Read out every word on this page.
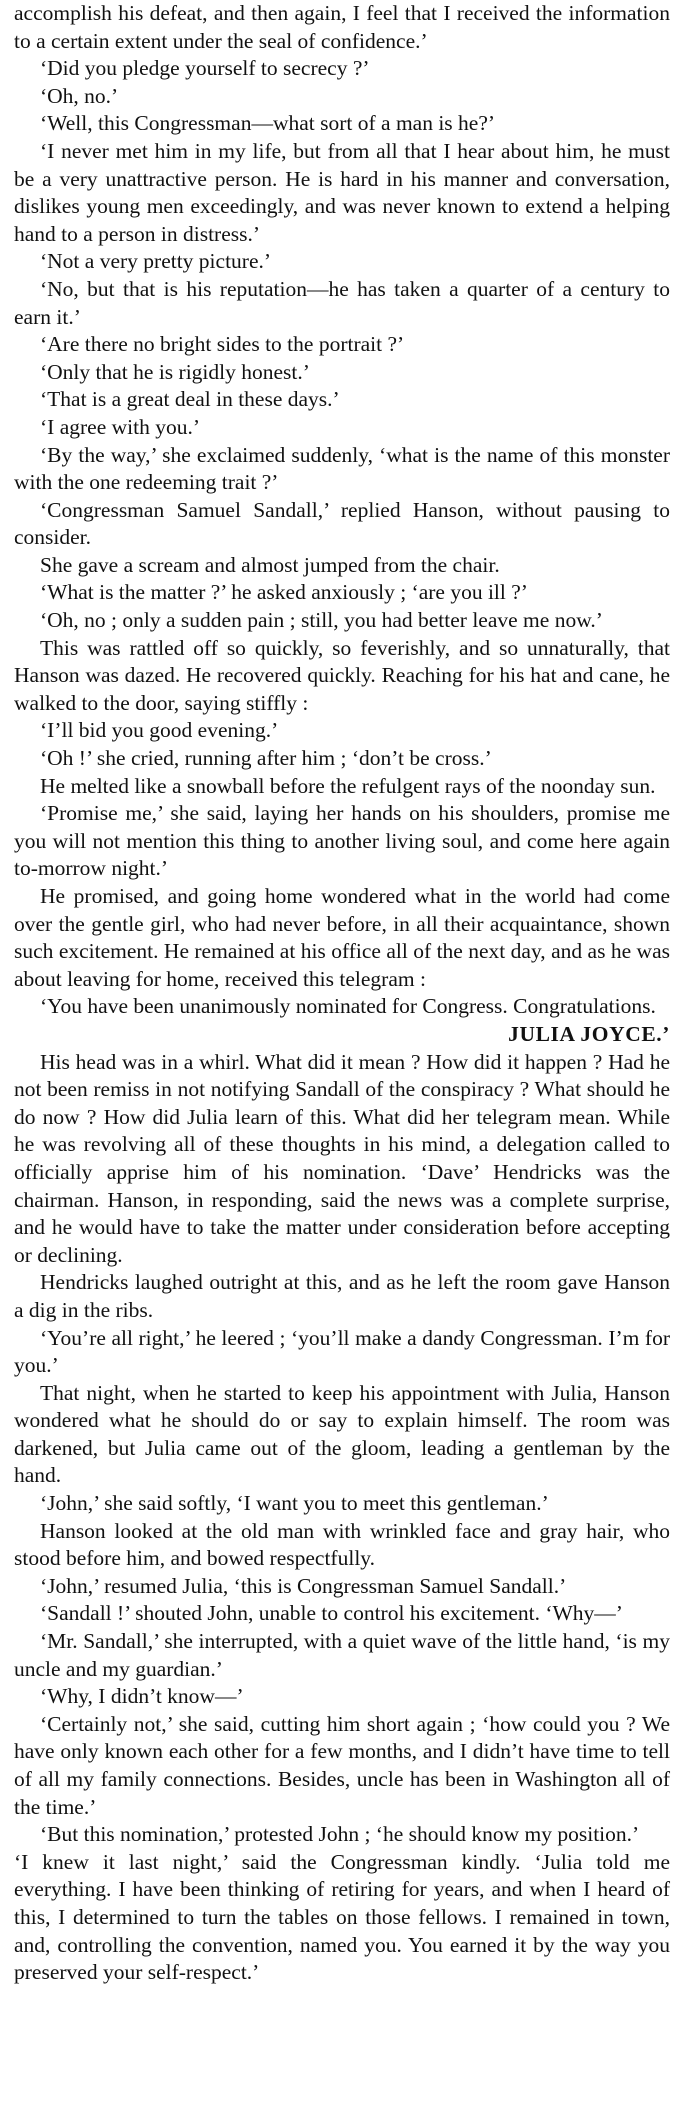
accomplish his defeat, and then again, I feel that I received the information to a certain extent under the seal of confidence.’

‘Did you pledge yourself to secrecy ?’

‘Oh, no.’

‘Well, this Congressman—what sort of a man is he?’

‘I never met him in my life, but from all that I hear about him, he must be a very unattractive person. He is hard in his manner and conversation, dislikes young men exceedingly, and was never known to extend a helping hand to a person in distress.’

‘Not a very pretty picture.’

‘No, but that is his reputation—he has taken a quarter of a century to earn it.’

‘Are there no bright sides to the portrait ?’

‘Only that he is rigidly honest.’

‘That is a great deal in these days.’

‘I agree with you.’

‘By the way,’ she exclaimed suddenly, ‘what is the name of this monster with the one redeeming trait ?’

‘Congressman Samuel Sandall,’ replied Hanson, without pausing to consider.

She gave a scream and almost jumped from the chair.

‘What is the matter ?’ he asked anxiously ; ‘are you ill ?’

‘Oh, no ; only a sudden pain ; still, you had better leave me now.’

This was rattled off so quickly, so feverishly, and so unnaturally, that Hanson was dazed. He recovered quickly. Reaching for his hat and cane, he walked to the door, saying stiffly :

‘I’ll bid you good evening.’

‘Oh !’ she cried, running after him ; ‘don’t be cross.’

He melted like a snowball before the refulgent rays of the noonday sun.

‘Promise me,’ she said, laying her hands on his shoulders, promise me you will not mention this thing to another living soul, and come here again to-morrow night.’

He promised, and going home wondered what in the world had come over the gentle girl, who had never before, in all their acquaintance, shown such excitement. He remained at his office all of the next day, and as he was about leaving for home, received this telegram :

‘You have been unanimously nominated for Congress. Congratulations.

JULIA JOYCE.’

His head was in a whirl. What did it mean ? How did it happen ? Had he not been remiss in not notifying Sandall of the conspiracy ? What should he do now ? How did Julia learn of this. What did her telegram mean. While he was revolving all of these thoughts in his mind, a delegation called to officially apprise him of his nomination. ‘Dave’ Hendricks was the chairman. Hanson, in responding, said the news was a complete surprise, and he would have to take the matter under consideration before accepting or declining.

Hendricks laughed outright at this, and as he left the room gave Hanson a dig in the ribs.

‘You’re all right,’ he leered ; ‘you’ll make a dandy Congressman. I’m for you.’

That night, when he started to keep his appointment with Julia, Hanson wondered what he should do or say to explain himself. The room was darkened, but Julia came out of the gloom, leading a gentleman by the hand.

‘John,’ she said softly, ‘I want you to meet this gentleman.’

Hanson looked at the old man with wrinkled face and gray hair, who stood before him, and bowed respectfully.

‘John,’ resumed Julia, ‘this is Congressman Samuel Sandall.’

‘Sandall !’ shouted John, unable to control his excitement. ‘Why—’

‘Mr. Sandall,’ she interrupted, with a quiet wave of the little hand, ‘is my uncle and my guardian.’

‘Why, I didn’t know—’

‘Certainly not,’ she said, cutting him short again ; ‘how could you ? We have only known each other for a few months, and I didn’t have time to tell of all my family connections. Besides, uncle has been in Washington all of the time.’

‘But this nomination,’ protested John ; ‘he should know my position.’

‘I knew it last night,’ said the Congressman kindly. ‘Julia told me everything. I have been thinking of retiring for years, and when I heard of this, I determined to turn the tables on those fellows. I remained in town, and, controlling the convention, named you. You earned it by the way you preserved your self-respect.’
